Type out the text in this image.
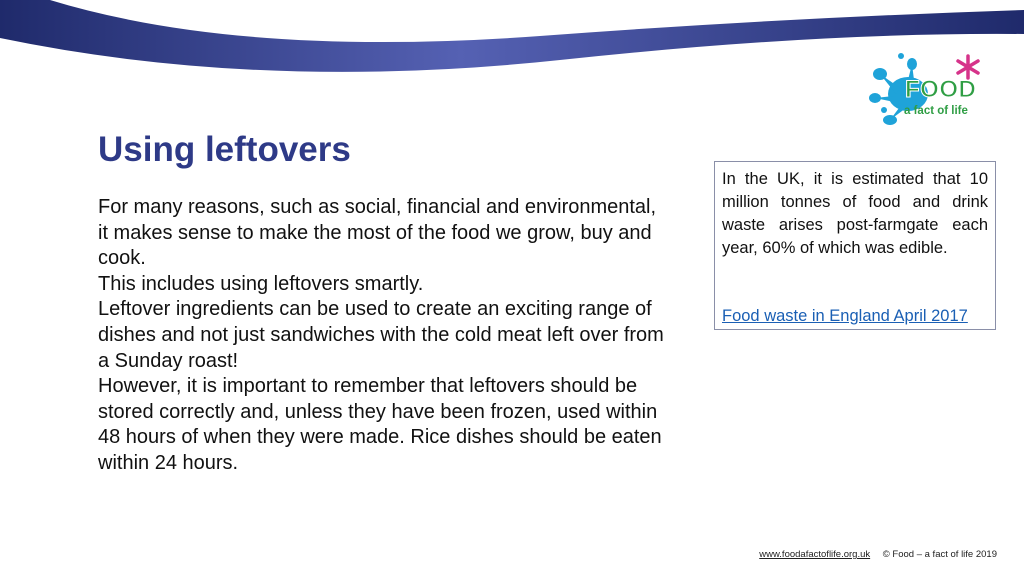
FOOD
a fact of life
Using leftovers

For many reasons, such as social, financial and environmental, it makes sense to make the most of the food we grow, buy and cook.

This includes using leftovers smartly.

Leftover ingredients can be used to create an exciting range of dishes and not just sandwiches with the cold meat left over from a Sunday roast!

However, it is important to remember that leftovers should be stored correctly and, unless they have been frozen, used within 48 hours of when they were made. Rice dishes should be eaten within 24 hours.

In the UK, it is estimated that 10 million tonnes of food and drink waste arises post-farmgate each year, 60% of which was edible.
Food waste in England April 2017
www.foodafactoflife.org.uk © Food – a fact of life 2019
